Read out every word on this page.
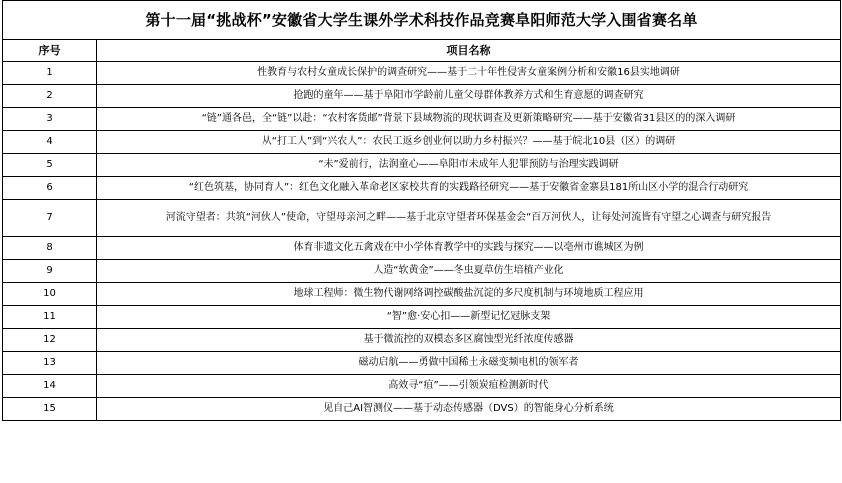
第十一届“挑战杯”安徽省大学生课外学术科技作品竞赛阜阳师范大学入围省赛名单	
序号	项目名称
1	性教育与农村女童成长保护的调查研究——基于二十年性侵害女童案例分析和安徽16县实地调研
2	抢跑的童年——基于阜阳市学龄前儿童父母群体教养方式和生育意愿的调查研究
3	“链”通各邑，全“链”以赴：“农村客货邮”背景下县域物流的现状调查及更新策略研究——基于安徽省31县区的的深入调研
4	从“打工人”到“兴农人”：农民工返乡创业何以助力乡村振兴？——基于皖北10县（区）的调研
5	“未”爱前行，法润童心——阜阳市未成年人犯罪预防与治理实践调研
6	“红色筑基，协同育人”：红色文化融入革命老区家校共育的实践路径研究——基于安徽省金寨县181所山区小学的混合行动研究
7	河流守望者：共筑“河伙人”使命，守望母亲河之畔——基于北京守望者环保基金会“百万河伙人，让每处河流皆有守望之心调查与研究报告
8	体育非遗文化五禽戏在中小学体育教学中的实践与探究——以亳州市谯城区为例
9	人造“软黄金”——冬虫夏草仿生培植产业化
10	地球工程师：微生物代谢网络调控碳酸盐沉淀的多尺度机制与环境地质工程应用
11	“智”愈·安心扣——新型记忆冠脉支架
12	基于微流控的双模态多区腐蚀型光纤浓度传感器
13	磁动启航——勇做中国稀土永磁变频电机的领军者
14	高效寻“疽”——引领炭疽检测新时代
15	见自己AI智测仪——基于动态传感器（DVS）的智能身心分析系统
